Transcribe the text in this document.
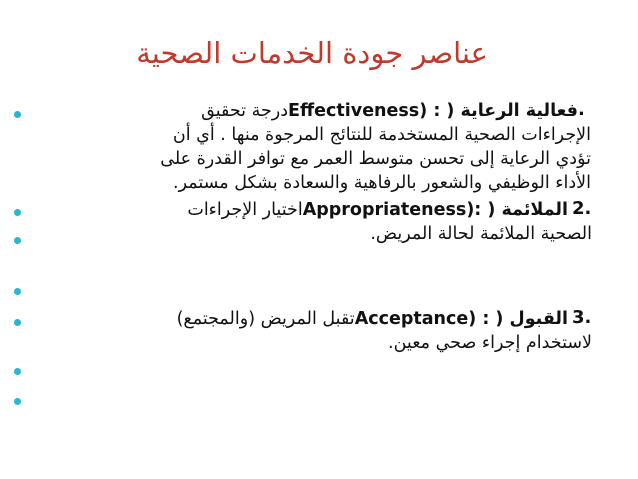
عناصر جودة الخدمات الصحية
.
فعالية الرعاية ( : (Effectivenessدرجة تحقيق
الإجراءات الصحية المستخدمة للنتائج المرجوة منها . أي أن
تؤدي الرعاية إلى تحسن متوسط العمر مع توافر القدرة على
الأداء الوظيفي والشعور بالرفاهية والسعادة بشكل مستمر.
2.
الملائمة ( :(Appropriatenessاختيار الإجراءات
الصحية الملائمة لحالة المريض.
3.
القبول ( : (Acceptanceتقبل المريض (والمجتمع)
لاستخدام إجراء صحي معين.
